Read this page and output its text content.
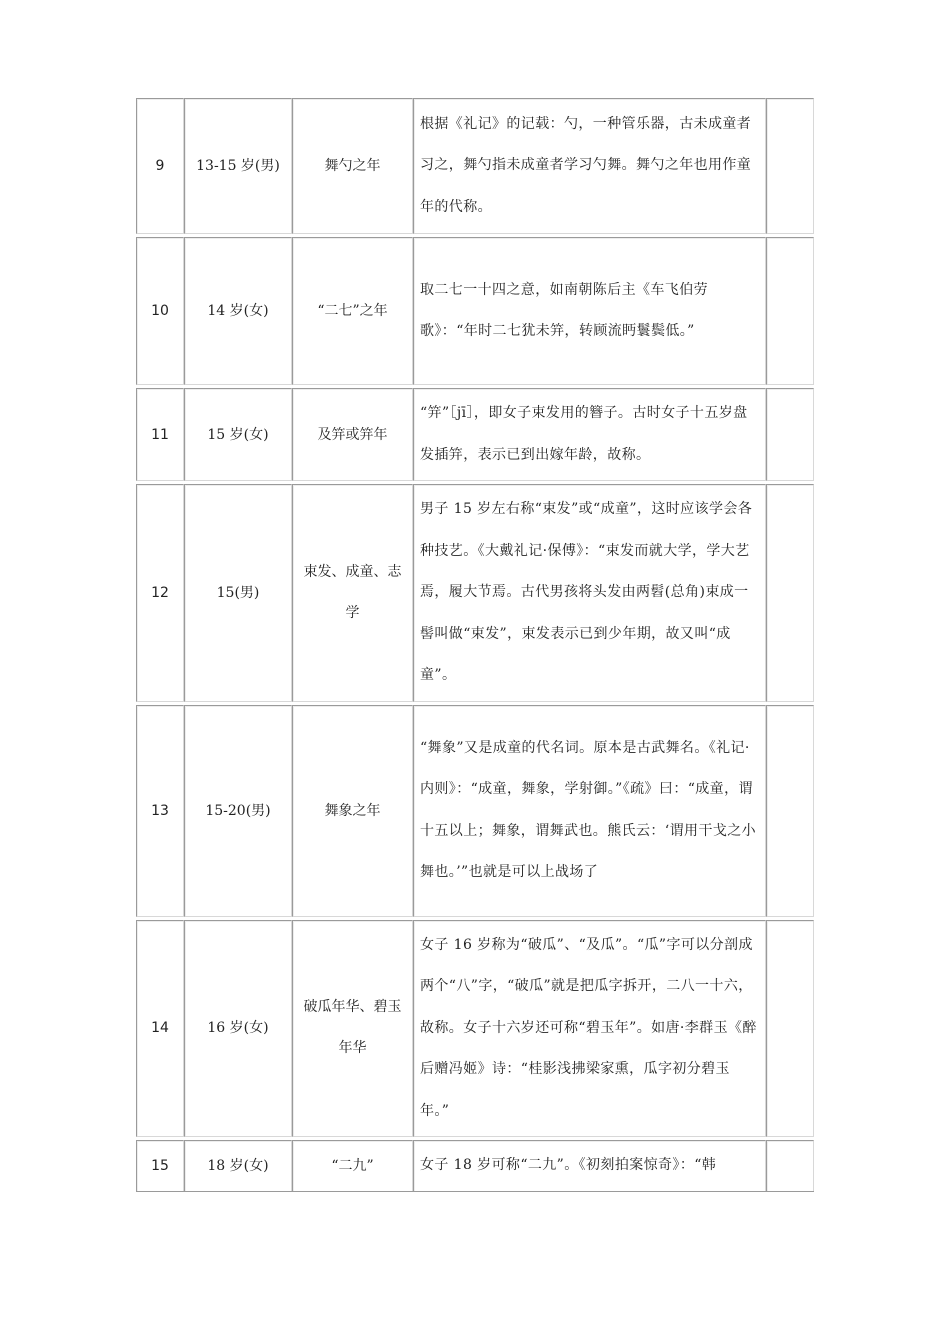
9	13-15 岁(男)	舞勺之年	根据《礼记》的记载：勺，一种管乐器，古未成童者习之，舞勺指未成童者学习勺舞。舞勺之年也用作童年的代称。	

10	14 岁(女)	“二七”之年	取二七一十四之意，如南朝陈后主《车飞伯劳歌》：“年时二七犹未笄，转顾流眄鬟鬓低。”	

11	15 岁(女)	及笄或笄年	“笄”［jī］，即女子束发用的簪子。古时女子十五岁盘发插笄，表示已到出嫁年龄，故称。	

12	15(男)	束发、成童、志学	男子 15 岁左右称“束发”或“成童”，这时应该学会各种技艺。《大戴礼记·保傅》：“束发而就大学，学大艺焉，履大节焉。古代男孩将头发由两髫(总角)束成一髻叫做“束发”，束发表示已到少年期，故又叫“成童”。	

13	15-20(男)	舞象之年	“舞象”又是成童的代名词。原本是古武舞名。《礼记·内则》：“成童，舞象，学射御。”《疏》曰：“成童，谓十五以上；舞象，谓舞武也。熊氏云：‘谓用干戈之小舞也。’”也就是可以上战场了	

14	16 岁(女)	破瓜年华、碧玉年华	女子 16 岁称为“破瓜”、“及瓜”。“瓜”字可以分剖成两个“八”字，“破瓜”就是把瓜字拆开，二八一十六，故称。女子十六岁还可称“碧玉年”。如唐·李群玉《醉后赠冯姬》诗：“桂影浅拂梁家熏，瓜字初分碧玉年。”	

15	18 岁(女)	“二九”	女子 18 岁可称“二九”。《初刻拍案惊奇》：“韩	
